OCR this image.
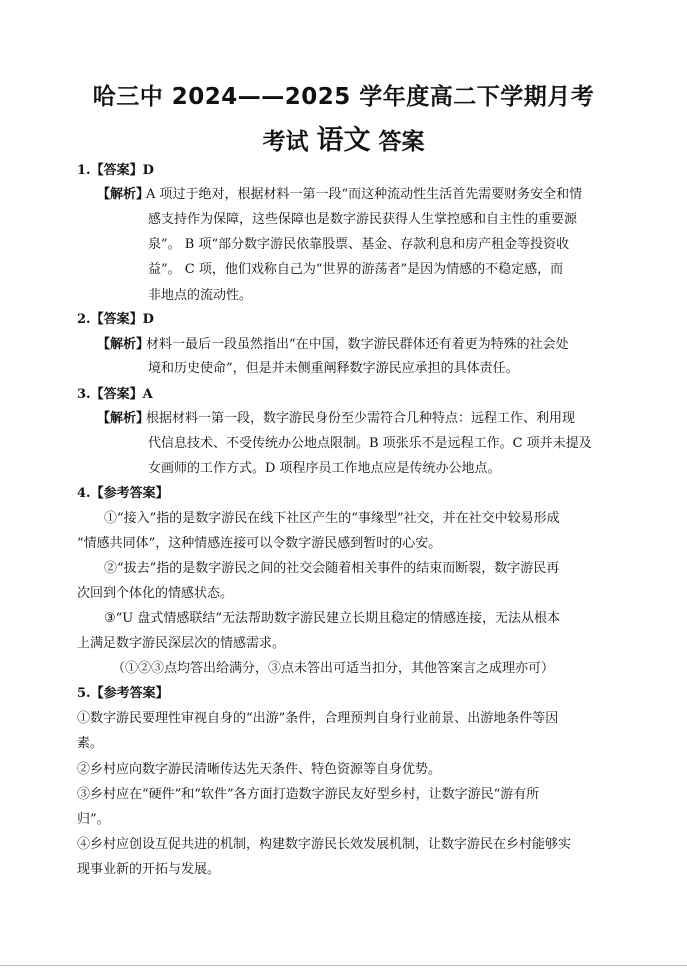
哈三中 2024——2025 学年度高二下学期月考
考试 语文 答案
1.【答案】D
【解析】
A 项过于绝对，根据材料一第一段“而这种流动性生活首先需要财务安全和情
感支持作为保障，这些保障也是数字游民获得人生掌控感和自主性的重要源
泉”。 B 项“部分数字游民依靠股票、基金、存款利息和房产租金等投资收
益”。 C 项，他们戏称自己为“世界的游荡者”是因为情感的不稳定感，而
非地点的流动性。
2.【答案】D
【解析】
材料一最后一段虽然指出“在中国，数字游民群体还有着更为特殊的社会处
境和历史使命”，但是并未侧重阐释数字游民应承担的具体责任。
3.【答案】A
【解析】
根据材料一第一段，数字游民身份至少需符合几种特点：远程工作、利用现
代信息技术、不受传统办公地点限制。B 项张乐不是远程工作。C 项并未提及
女画师的工作方式。D 项程序员工作地点应是传统办公地点。
4.【参考答案】
①“接入”指的是数字游民在线下社区产生的“事缘型”社交，并在社交中较易形成
“情感共同体”，这种情感连接可以令数字游民感到暂时的心安。
②“拔去”指的是数字游民之间的社交会随着相关事件的结束而断裂，数字游民再
次回到个体化的情感状态。
③“U 盘式情感联结”无法帮助数字游民建立长期且稳定的情感连接，无法从根本
上满足数字游民深层次的情感需求。
（①②③点均答出给满分，③点未答出可适当扣分，其他答案言之成理亦可）
5.【参考答案】
①数字游民要理性审视自身的“出游”条件，合理预判自身行业前景、出游地条件等因
素。
②乡村应向数字游民清晰传达先天条件、特色资源等自身优势。
③乡村应在“硬件”和“软件”各方面打造数字游民友好型乡村，让数字游民“游有所
归”。
④乡村应创设互促共进的机制，构建数字游民长效发展机制，让数字游民在乡村能够实
现事业新的开拓与发展。
